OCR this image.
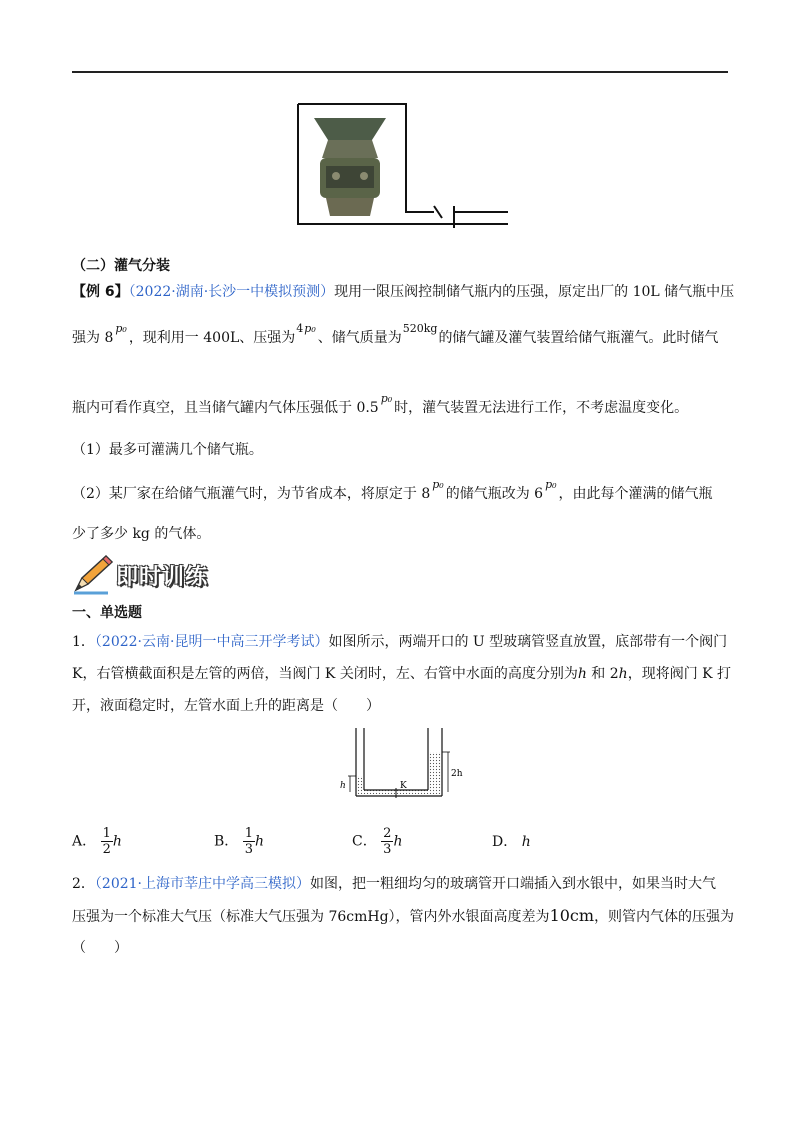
（二）灌气分装
【例 6】（2022·湖南·长沙一中模拟预测）现用一限压阀控制储气瓶内的压强，原定出厂的 10L 储气瓶中压
强为 $8^{p_0}$，现利用一 400L、压强为$^{4p_0}$、储气质量为$^{520kg}$的储气罐及灌气装置给储气瓶灌气。此时储气
瓶内可看作真空，且当储气罐内气体压强低于 $0.5^{p_0}$时，灌气装置无法进行工作，不考虑温度变化。
（1）最多可灌满几个储气瓶。
（2）某厂家在给储气瓶灌气时，为节省成本，将原定于 $8^{p_0}$的储气瓶改为 $6^{p_0}$，由此每个灌满的储气瓶
少了多少 kg 的气体。
即时训练
一、单选题
1．（2022·云南·昆明一中高三开学考试）如图所示，两端开口的 U 型玻璃管竖直放置，底部带有一个阀门
K，右管横截面积是左管的两倍，当阀门 K 关闭时，左、右管中水面的高度分别为h 和 2h，现将阀门 K 打
开，液面稳定时，左管水面上升的距离是（　　）
h
2h
K
A． $\frac{1}{2}$ h	B． $\frac{1}{3}$ h	C． $\frac{2}{3}$ h	D． h
2．（2021·上海市莘庄中学高三模拟）如图，把一粗细均匀的玻璃管开口端插入到水银中，如果当时大气
压强为一个标准大气压（标准大气压强为 76cmHg），管内外水银面高度差为10cm，则管内气体的压强为
（　　）
